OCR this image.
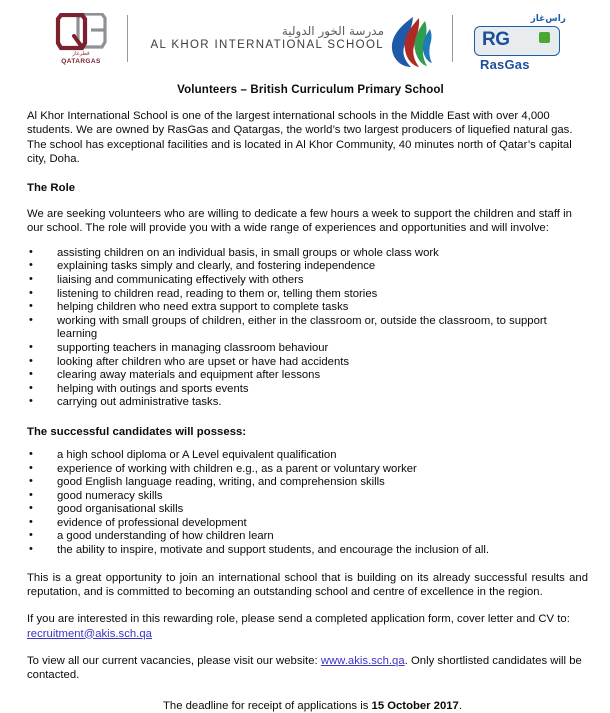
قطرغاز
QATARGAS
مدرسة الخور الدولية
AL KHOR INTERNATIONAL SCHOOL
راس‌غاز
RG
RasGas
Volunteers – British Curriculum Primary School

Al Khor International School is one of the largest international schools in the Middle East with over 4,000 students. We are owned by RasGas and Qatargas, the world’s two largest producers of liquefied natural gas. The school has exceptional facilities and is located in Al Khor Community, 40 minutes north of Qatar’s capital city, Doha.

The Role

We are seeking volunteers who are willing to dedicate a few hours a week to support the children and staff in our school. The role will provide you with a wide range of experiences and opportunities and will involve:

• assisting children on an individual basis, in small groups or whole class work
• explaining tasks simply and clearly, and fostering independence
• liaising and communicating effectively with others
• listening to children read, reading to them or, telling them stories
• helping children who need extra support to complete tasks
• working with small groups of children, either in the classroom or, outside the classroom, to support learning
• supporting teachers in managing classroom behaviour
• looking after children who are upset or have had accidents
• clearing away materials and equipment after lessons
• helping with outings and sports events
• carrying out administrative tasks.
The successful candidates will possess:
• a high school diploma or A Level equivalent qualification
• experience of working with children e.g., as a parent or voluntary worker
• good English language reading, writing, and comprehension skills
• good numeracy skills
• good organisational skills
• evidence of professional development
• a good understanding of how children learn
• the ability to inspire, motivate and support students, and encourage the inclusion of all.

This is a great opportunity to join an international school that is building on its already successful results and reputation, and is committed to becoming an outstanding school and centre of excellence in the region.

If you are interested in this rewarding role, please send a completed application form, cover letter and CV to: recruitment@akis.sch.qa

To view all our current vacancies, please visit our website: www.akis.sch.qa. Only shortlisted candidates will be contacted.

The deadline for receipt of applications is 15 October 2017.
